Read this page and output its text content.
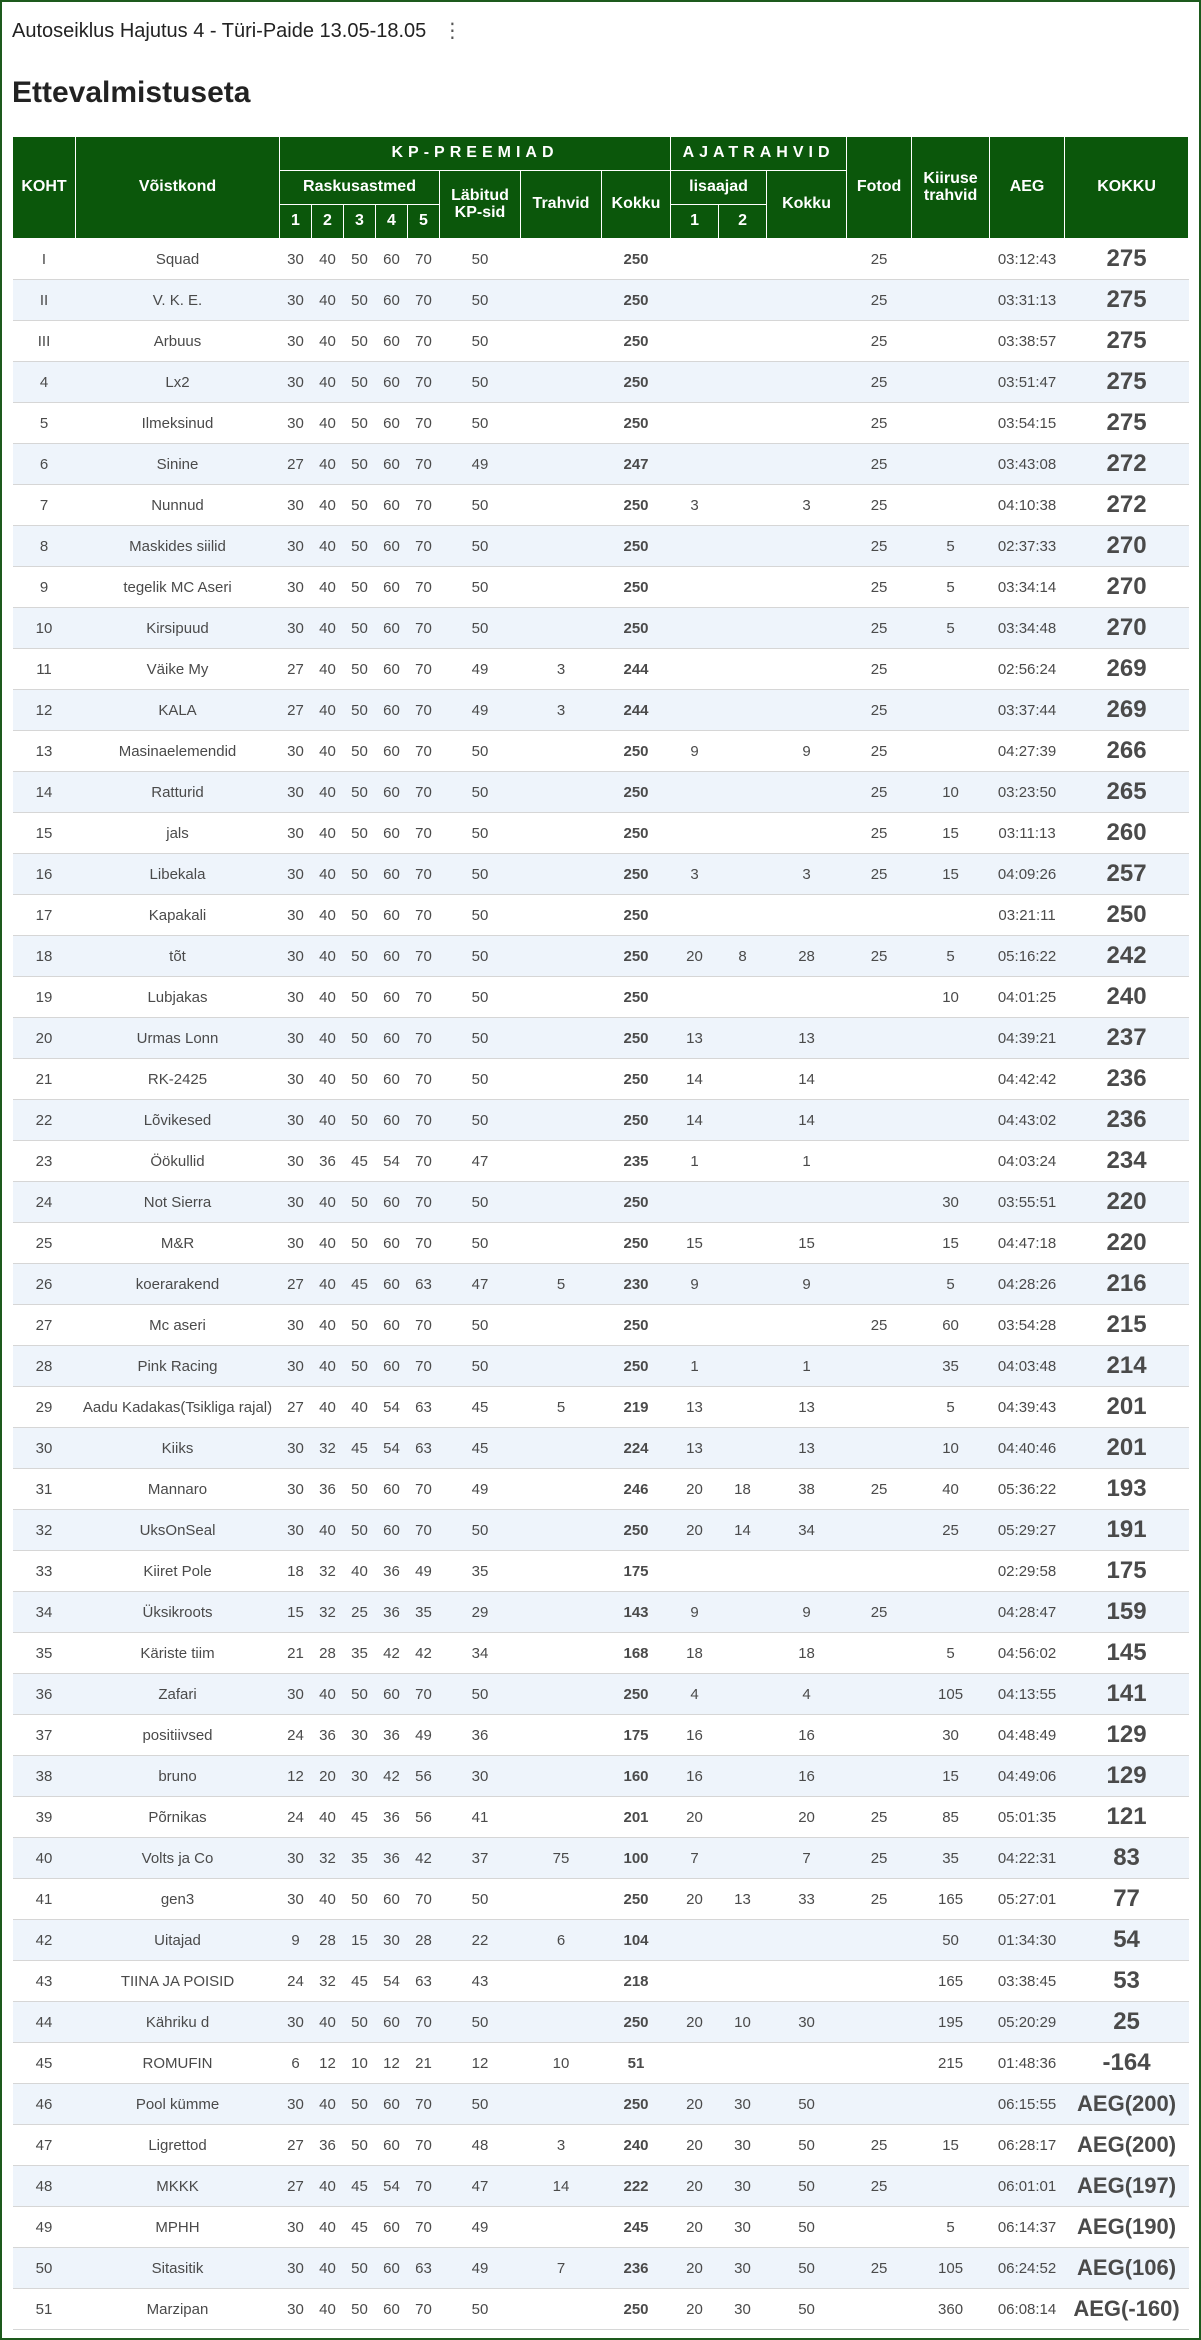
Autoseiklus Hajutus 4 - Türi-Paide 13.05-18.05 ⋮
Ettevalmistuseta
KOHT	Võistkond	KP-PREEMIAD								AJATRAHVID			Fotod	Kiiruse trahvid	AEG	KOKKU
		Raskusastmed					Läbitud KP-sid	Trahvid	Kokku	lisaajad		Kokku				
		1	2	3	4	5				1	2					
I	Squad	30	40	50	60	70	50		250				25		03:12:43	275
II	V. K. E.	30	40	50	60	70	50		250				25		03:31:13	275
III	Arbuus	30	40	50	60	70	50		250				25		03:38:57	275
4	Lx2	30	40	50	60	70	50		250				25		03:51:47	275
5	Ilmeksinud	30	40	50	60	70	50		250				25		03:54:15	275
6	Sinine	27	40	50	60	70	49		247				25		03:43:08	272
7	Nunnud	30	40	50	60	70	50		250	3		3	25		04:10:38	272
8	Maskides siilid	30	40	50	60	70	50		250				25	5	02:37:33	270
9	tegelik MC Aseri	30	40	50	60	70	50		250				25	5	03:34:14	270
10	Kirsipuud	30	40	50	60	70	50		250				25	5	03:34:48	270
11	Väike My	27	40	50	60	70	49	3	244				25		02:56:24	269
12	KALA	27	40	50	60	70	49	3	244				25		03:37:44	269
13	Masinaelemendid	30	40	50	60	70	50		250	9		9	25		04:27:39	266
14	Ratturid	30	40	50	60	70	50		250				25	10	03:23:50	265
15	jals	30	40	50	60	70	50		250				25	15	03:11:13	260
16	Libekala	30	40	50	60	70	50		250	3		3	25	15	04:09:26	257
17	Kapakali	30	40	50	60	70	50		250						03:21:11	250
18	tõt	30	40	50	60	70	50		250	20	8	28	25	5	05:16:22	242
19	Lubjakas	30	40	50	60	70	50		250					10	04:01:25	240
20	Urmas Lonn	30	40	50	60	70	50		250	13		13			04:39:21	237
21	RK-2425	30	40	50	60	70	50		250	14		14			04:42:42	236
22	Lõvikesed	30	40	50	60	70	50		250	14		14			04:43:02	236
23	Öökullid	30	36	45	54	70	47		235	1		1			04:03:24	234
24	Not Sierra	30	40	50	60	70	50		250					30	03:55:51	220
25	M&R	30	40	50	60	70	50		250	15		15		15	04:47:18	220
26	koerarakend	27	40	45	60	63	47	5	230	9		9		5	04:28:26	216
27	Mc aseri	30	40	50	60	70	50		250				25	60	03:54:28	215
28	Pink Racing	30	40	50	60	70	50		250	1		1		35	04:03:48	214
29	Aadu Kadakas(Tsikliga rajal)	27	40	40	54	63	45	5	219	13		13		5	04:39:43	201
30	Kiiks	30	32	45	54	63	45		224	13		13		10	04:40:46	201
31	Mannaro	30	36	50	60	70	49		246	20	18	38	25	40	05:36:22	193
32	UksOnSeal	30	40	50	60	70	50		250	20	14	34		25	05:29:27	191
33	Kiiret Pole	18	32	40	36	49	35		175						02:29:58	175
34	Üksikroots	15	32	25	36	35	29		143	9		9	25		04:28:47	159
35	Käriste tiim	21	28	35	42	42	34		168	18		18		5	04:56:02	145
36	Zafari	30	40	50	60	70	50		250	4		4		105	04:13:55	141
37	positiivsed	24	36	30	36	49	36		175	16		16		30	04:48:49	129
38	bruno	12	20	30	42	56	30		160	16		16		15	04:49:06	129
39	Põrnikas	24	40	45	36	56	41		201	20		20	25	85	05:01:35	121
40	Volts ja Co	30	32	35	36	42	37	75	100	7		7	25	35	04:22:31	83
41	gen3	30	40	50	60	70	50		250	20	13	33	25	165	05:27:01	77
42	Uitajad	9	28	15	30	28	22	6	104					50	01:34:30	54
43	TIINA JA POISID	24	32	45	54	63	43		218					165	03:38:45	53
44	Kähriku d	30	40	50	60	70	50		250	20	10	30		195	05:20:29	25
45	ROMUFIN	6	12	10	12	21	12	10	51					215	01:48:36	-164
46	Pool kümme	30	40	50	60	70	50		250	20	30	50			06:15:55	AEG(200)
47	Ligrettod	27	36	50	60	70	48	3	240	20	30	50	25	15	06:28:17	AEG(200)
48	MKKK	27	40	45	54	70	47	14	222	20	30	50	25		06:01:01	AEG(197)
49	MPHH	30	40	45	60	70	49		245	20	30	50		5	06:14:37	AEG(190)
50	Sitasitik	30	40	50	60	63	49	7	236	20	30	50	25	105	06:24:52	AEG(106)
51	Marzipan	30	40	50	60	70	50		250	20	30	50		360	06:08:14	AEG(-160)
